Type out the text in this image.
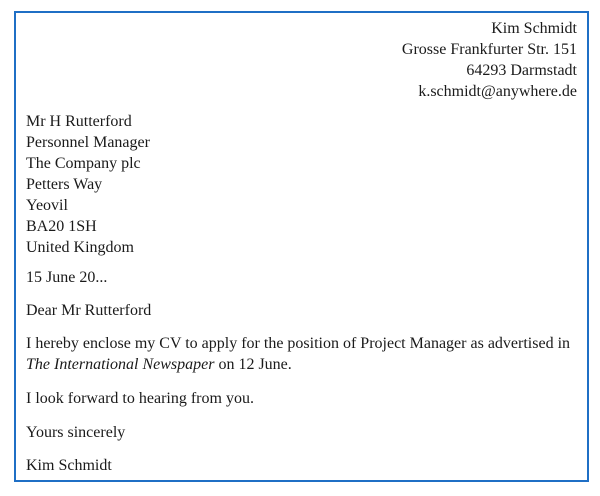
Kim Schmidt
Grosse Frankfurter Str. 151
64293 Darmstadt
k.schmidt@anywhere.de
Mr H Rutterford
Personnel Manager
The Company plc
Petters Way
Yeovil
BA20 1SH
United Kingdom
15 June 20...
Dear Mr Rutterford
I hereby enclose my CV to apply for the position of Project Manager as advertised in The International Newspaper on 12 June.
I look forward to hearing from you.
Yours sincerely
Kim Schmidt
